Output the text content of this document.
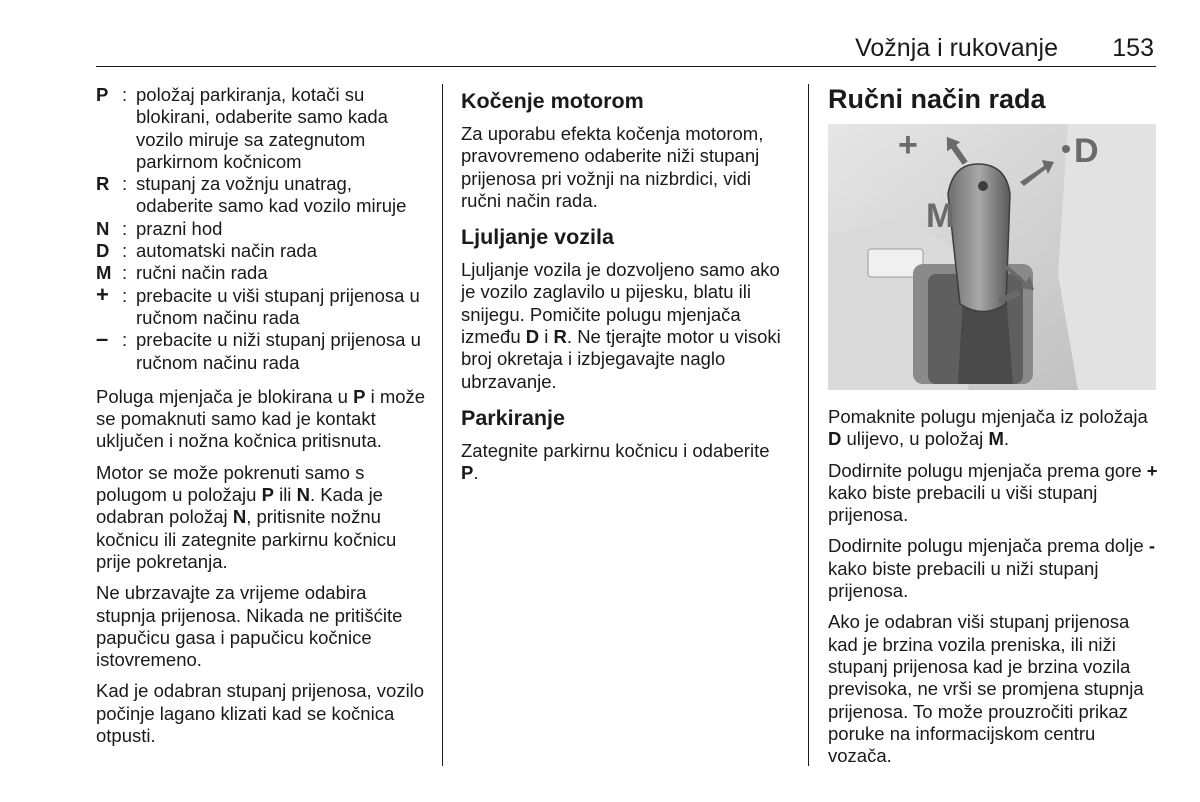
Vožnja i rukovanje 153
P : položaj parkiranja, kotači su blokirani, odaberite samo kada vozilo miruje sa zategnutom parkirnom kočnicom
R : stupanj za vožnju unatrag, odaberite samo kad vozilo miruje
N : prazni hod
D : automatski način rada
M : ručni način rada
+ : prebacite u viši stupanj prijenosa u ručnom načinu rada
– : prebacite u niži stupanj prijenosa u ručnom načinu rada

Poluga mjenjača je blokirana u P i može se pomaknuti samo kad je kontakt uključen i nožna kočnica pritisnuta.

Motor se može pokrenuti samo s polugom u položaju P ili N. Kada je odabran položaj N, pritisnite nožnu kočnicu ili zategnite parkirnu kočnicu prije pokretanja.

Ne ubrzavajte za vrijeme odabira stupnja prijenosa. Nikada ne pritišćite papučicu gasa i papučicu kočnice istovremeno.

Kad je odabran stupanj prijenosa, vozilo počinje lagano klizati kad se kočnica otpusti.

Kočenje motorom

Za uporabu efekta kočenja motorom, pravovremeno odaberite niži stupanj prijenosa pri vožnji na nizbrdici, vidi ručni način rada.

Ljuljanje vozila

Ljuljanje vozila je dozvoljeno samo ako je vozilo zaglavilo u pijesku, blatu ili snijegu. Pomičite polugu mjenjača između D i R. Ne tjerajte motor u visoki broj okretaja i izbjegavajte naglo ubrzavanje.

Parkiranje

Zategnite parkirnu kočnicu i odaberite P.

Ručni način rada
+	D
M

Pomaknite polugu mjenjača iz položaja D ulijevo, u položaj M.

Dodirnite polugu mjenjača prema gore + kako biste prebacili u viši stupanj prijenosa.

Dodirnite polugu mjenjača prema dolje - kako biste prebacili u niži stupanj prijenosa.

Ako je odabran viši stupanj prijenosa kad je brzina vozila preniska, ili niži stupanj prijenosa kad je brzina vozila previsoka, ne vrši se promjena stupnja prijenosa. To može prouzročiti prikaz poruke na informacijskom centru vozača.
